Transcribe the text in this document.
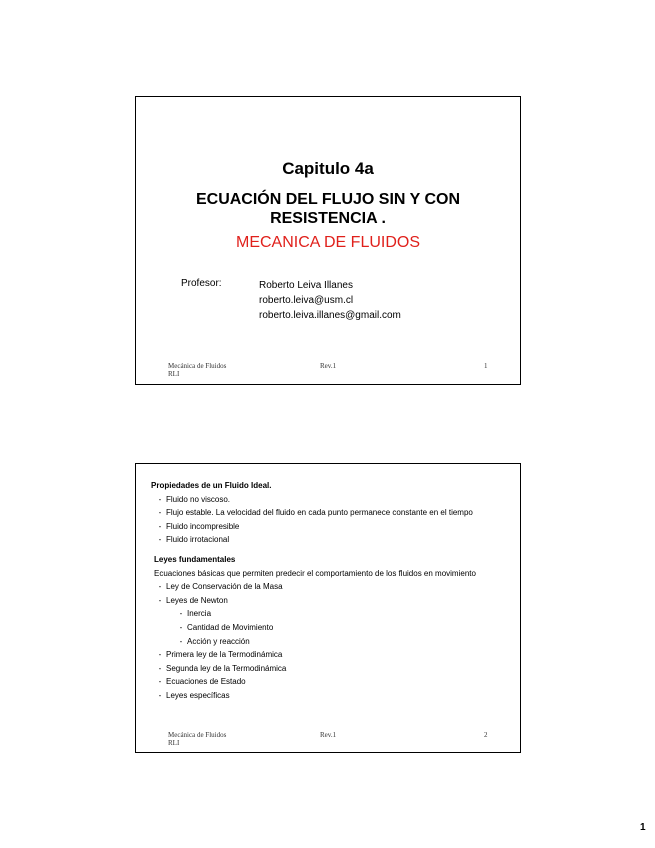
Capitulo 4a
ECUACIÓN DEL FLUJO SIN Y CON RESISTENCIA .
MECANICA DE FLUIDOS
Profesor:	Roberto Leiva Illanes
roberto.leiva@usm.cl
roberto.leiva.illanes@gmail.com
Mecánica de Fluidos
RLI
Rev.1	1
Propiedades de un Fluido Ideal.
- Fluido no viscoso.
- Flujo estable. La velocidad del fluido en cada punto permanece constante en el tiempo
- Fluido incompresible
- Fluido irrotacional
Leyes fundamentales
Ecuaciones básicas que permiten predecir el comportamiento de los fluidos en movimiento
- Ley de Conservación de la Masa
- Leyes de Newton
- Inercia
- Cantidad de Movimiento
- Acción y reacción
- Primera ley de la Termodinámica
- Segunda ley de la Termodinámica
- Ecuaciones de Estado
- Leyes específicas
Mecánica de Fluidos
RLI
Rev.1	2
1
